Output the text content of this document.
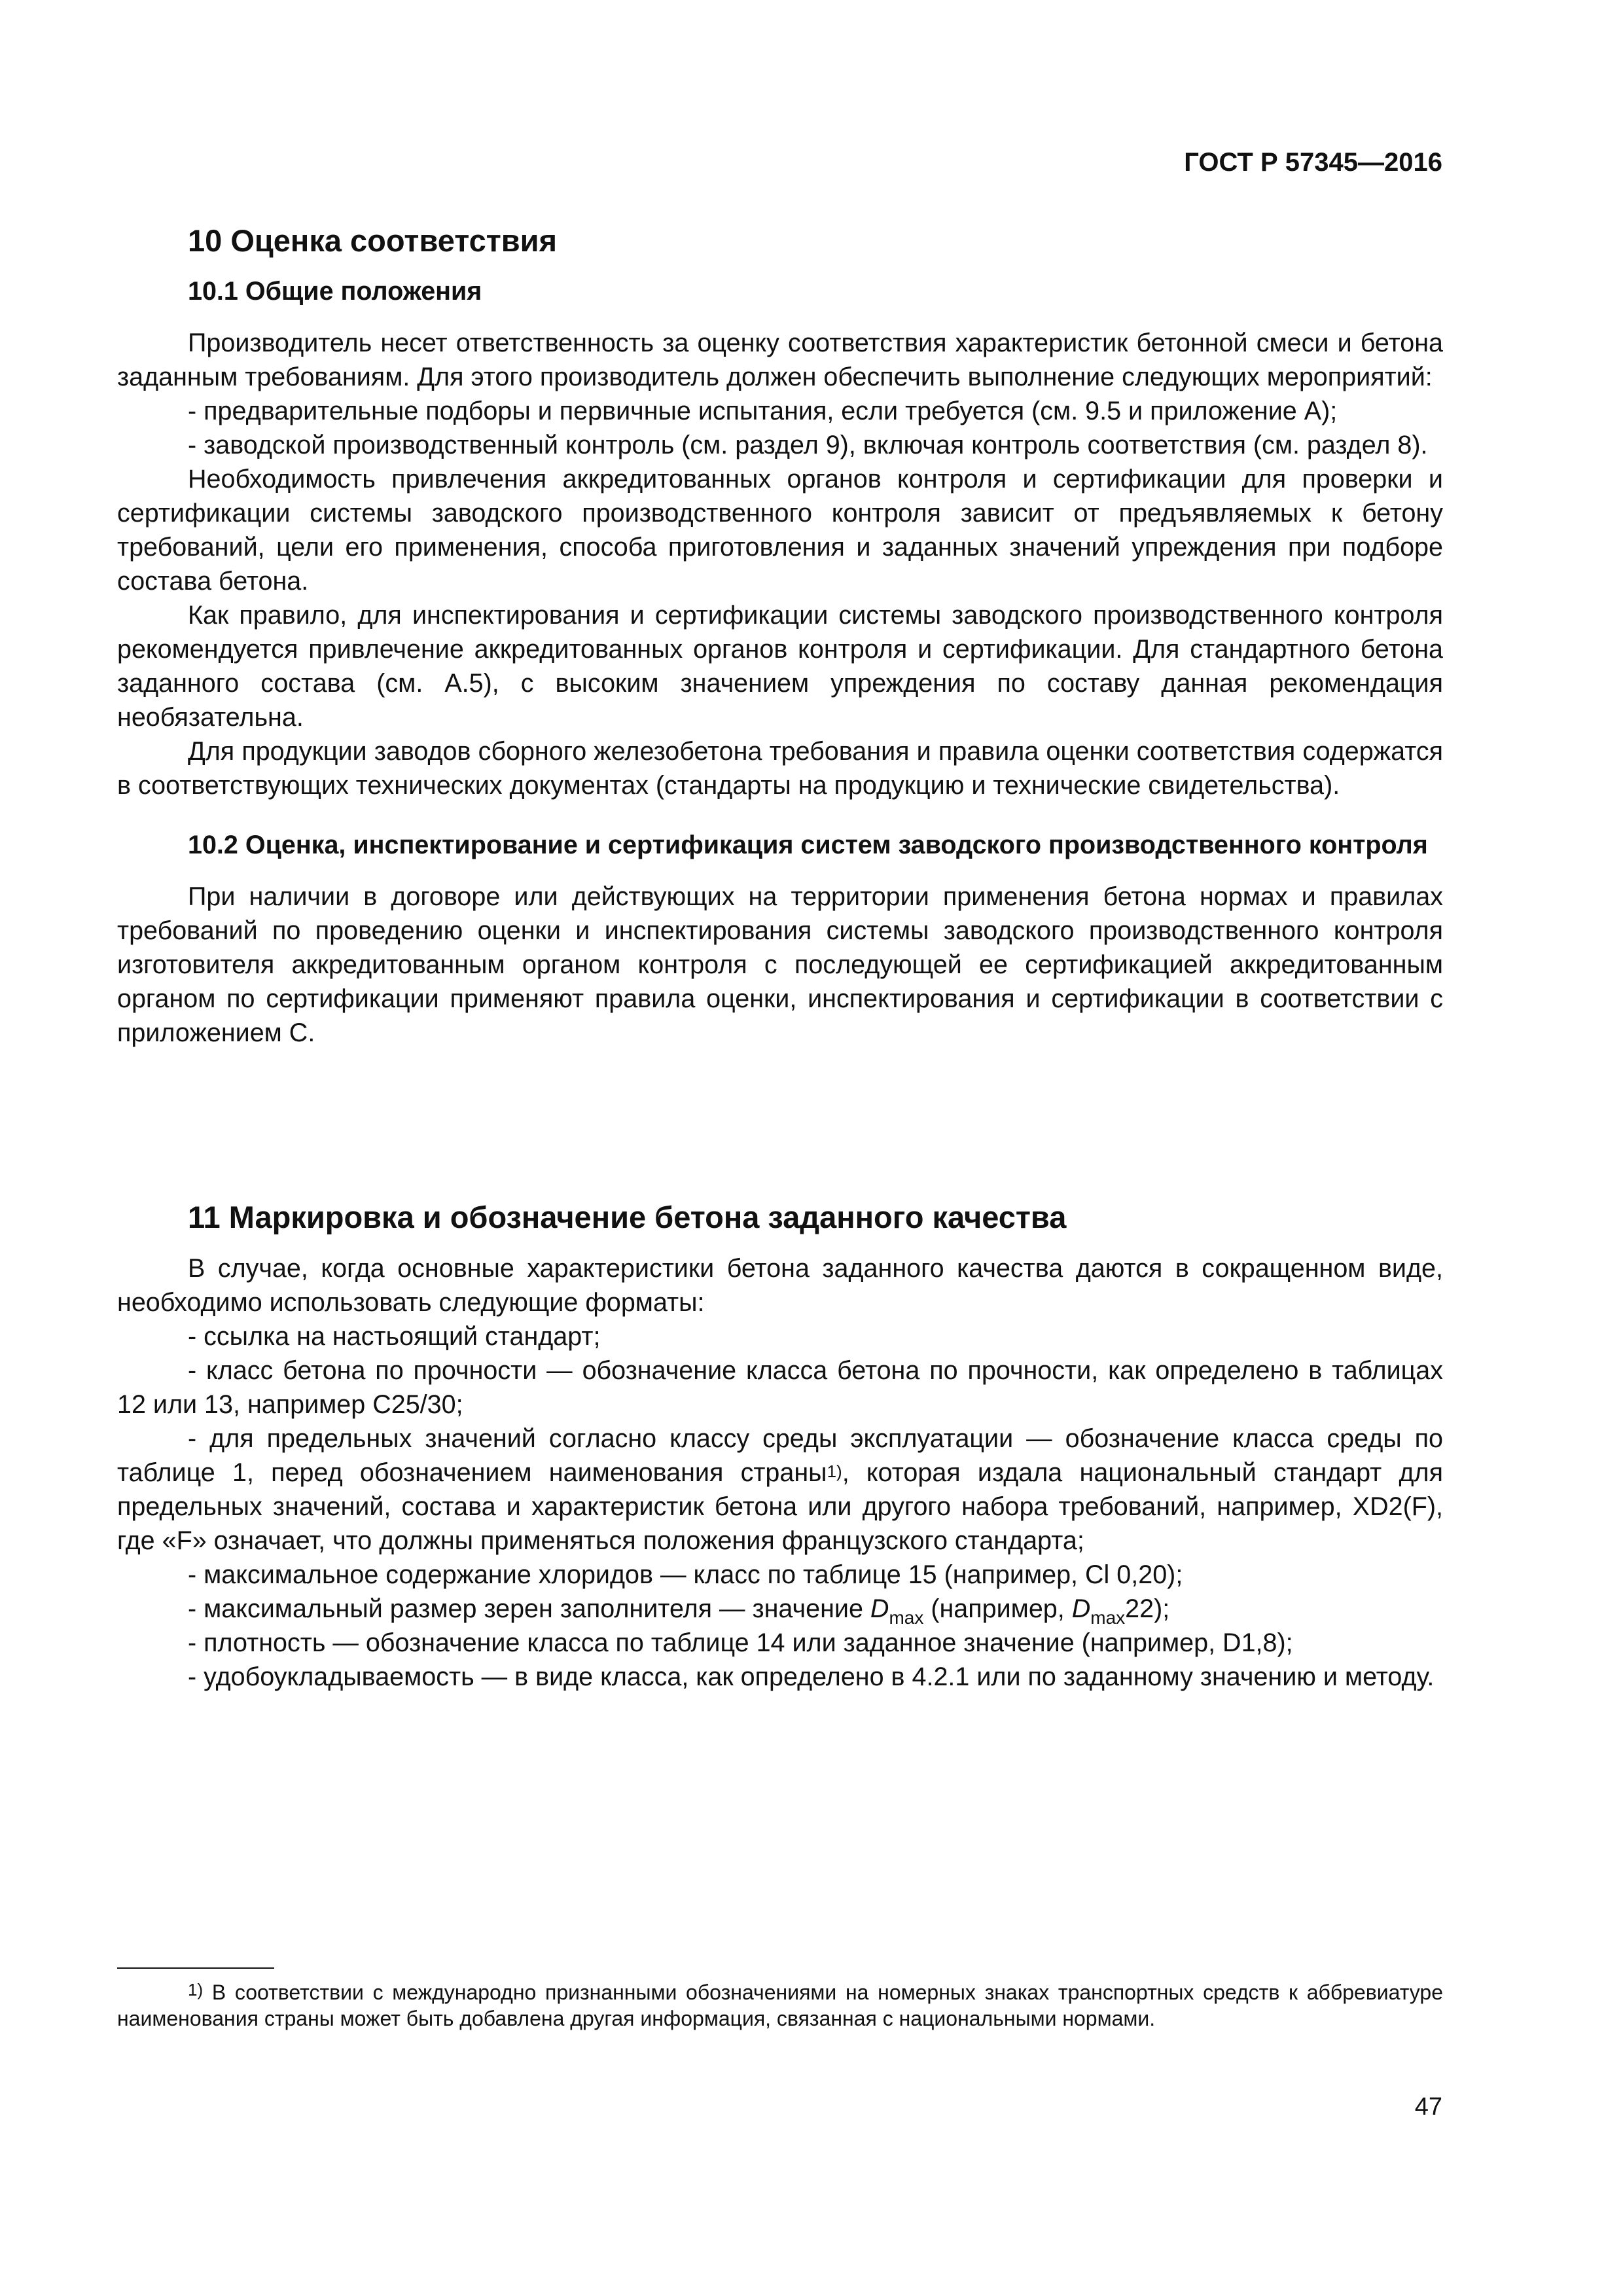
ГОСТ Р 57345—2016
10 Оценка соответствия
10.1 Общие положения

Производитель несет ответственность за оценку соответствия характеристик бетонной смеси и бетона заданным требованиям. Для этого производитель должен обеспечить выполнение следующих мероприятий:

- предварительные подборы и первичные испытания, если требуется (см. 9.5 и приложение А);

- заводской производственный контроль (см. раздел 9), включая контроль соответствия (см. раздел 8).

Необходимость привлечения аккредитованных органов контроля и сертификации для проверки и сертификации системы заводского производственного контроля зависит от предъявляемых к бетону требований, цели его применения, способа приготовления и заданных значений упреждения при подборе состава бетона.

Как правило, для инспектирования и сертификации системы заводского производственного контроля рекомендуется привлечение аккредитованных органов контроля и сертификации. Для стандартного бетона заданного состава (см. А.5), с высоким значением упреждения по составу данная рекомендация необязательна.

Для продукции заводов сборного железобетона требования и правила оценки соответствия содержатся в соответствующих технических документах (стандарты на продукцию и технические свидетельства).

10.2 Оценка, инспектирование и сертификация систем заводского производственного контроля

При наличии в договоре или действующих на территории применения бетона нормах и правилах требований по проведению оценки и инспектирования системы заводского производственного контроля изготовителя аккредитованным органом контроля с последующей ее сертификацией аккредитованным органом по сертификации применяют правила оценки, инспектирования и сертификации в соответствии с приложением С.

11 Маркировка и обозначение бетона заданного качества

В случае, когда основные характеристики бетона заданного качества даются в сокращенном виде, необходимо использовать следующие форматы:

- ссылка на настьоящий стандарт;

- класс бетона по прочности — обозначение класса бетона по прочности, как определено в таблицах 12 или 13, например С25/30;

- для предельных значений согласно классу среды эксплуатации — обозначение класса среды по таблице 1, перед обозначением наименования страны$^{1)}$, которая издала национальный стандарт для предельных значений, состава и характеристик бетона или другого набора требований, например, XD2(F), где «F» означает, что должны применяться положения французского стандарта;

- максимальное содержание хлоридов — класс по таблице 15 (например, Cl 0,20);

- максимальный размер зерен заполнителя — значение $D_{max}$ (например, $D_{max}22$);

- плотность — обозначение класса по таблице 14 или заданное значение (например, D1,8);

- удобоукладываемость — в виде класса, как определено в 4.2.1 или по заданному значению и методу.

$^{1)}$ В соответствии с международно признанными обозначениями на номерных знаках транспортных средств к аббревиатуре наименования страны может быть добавлена другая информация, связанная с национальными нормами.
47
